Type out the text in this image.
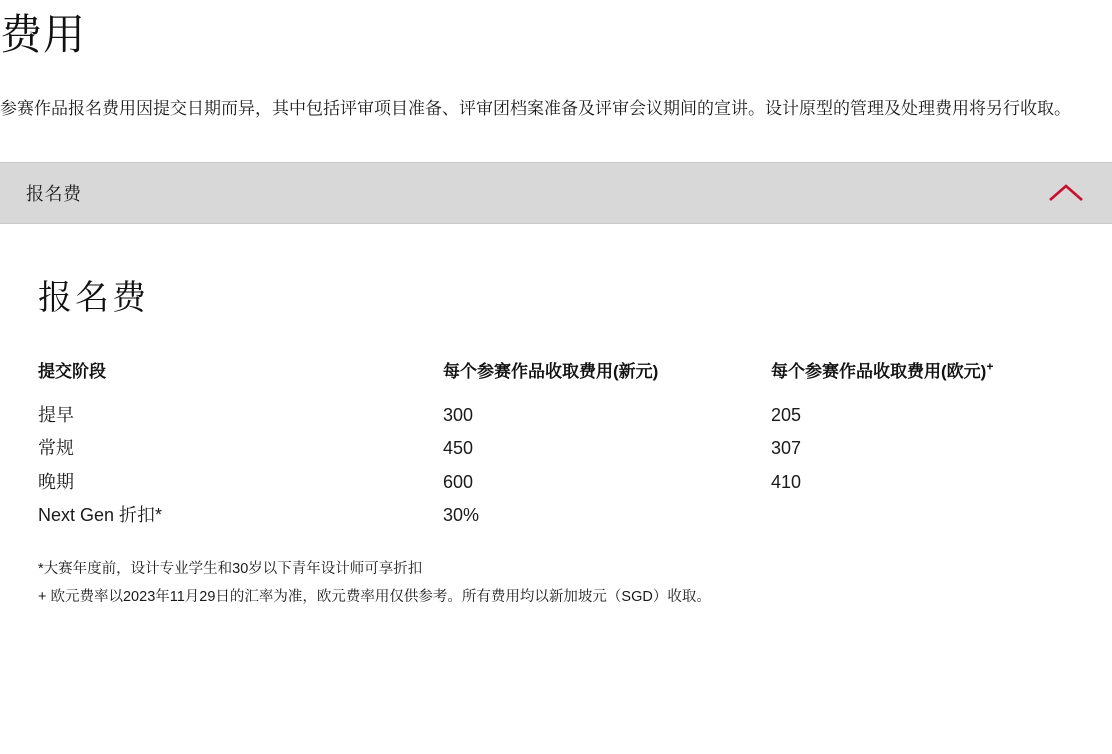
费用

参赛作品报名费用因提交日期而异，其中包括评审项目准备、评审团档案准备及评审会议期间的宣讲。设计原型的管理及处理费用将另行收取。

报名费
报名费
提交阶段	每个参赛作品收取费用(新元)	每个参赛作品收取费用(欧元)+
提早	300	205
常规	450	307
晚期	600	410
Next Gen 折扣*	30%	

*大赛年度前，设计专业学生和30岁以下青年设计师可享折扣

+ 欧元费率以2023年11月29日的汇率为准，欧元费率用仅供参考。所有费用均以新加坡元（SGD）收取。
